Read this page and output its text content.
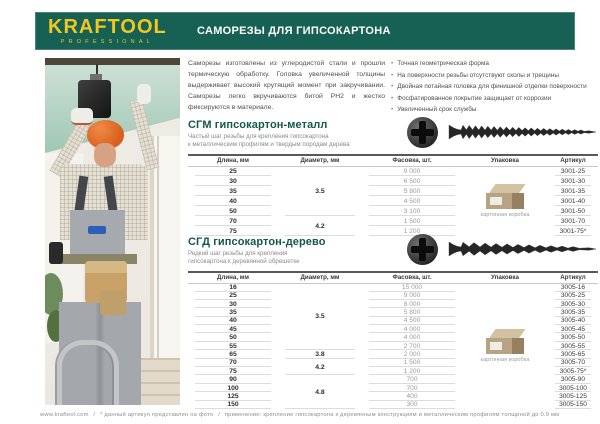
KRAFTOOL
PROFESSIONAL
САМОРЕЗЫ ДЛЯ ГИПСОКАРТОНА

Саморезы изготовлены из углеродистой стали и прошли термическую обработку. Головка увеличенной толщины выдерживает высокий крутящий момент при закручивании. Саморезы легко вкручиваются битой PH2 и жестко фиксируются в материале.

• Точная геометрическая форма
• На поверхности резьбы отсутствуют сколы и трещины
• Двойная потайная головка для финишной отделки поверхности
• Фосфатированное покрытие защищает от коррозии
• Увеличенный срок службы
СГМ гипсокартон-металл
Частый шаг резьбы для крепления гипсокартона
к металлическим профилям и твердым породам дерева
Длина, мм	Диаметр, мм	Фасовка, шт.	Упаковка	Артикул
25	3.5	9 000	картонная коробка	3001-25
30		6 500		3001-30
35		5 800		3001-35
40		4 500		3001-40
50		3 100		3001-50
70	4.2	1 500		3001-70
75		1 200		3001-75*
СГД гипсокартон-дерево
Редкий шаг резьбы для крепления
гипсокартона к деревянной обрешетке
Длина, мм	Диаметр, мм	Фасовка, шт.	Упаковка	Артикул
16	3.5	15 000	картонная коробка	3005-16
25		9 000		3005-25
30		8 000		3005-30
35		5 800		3005-35
40		4 500		3005-40
45		4 000		3005-45
50		4 000		3005-50
55		2 700		3005-55
65	3.8	2 000		3005-65
70	4.2	1 500		3005-70
75		1 200		3005-75*
90	4.8	700		3005-90
100		700		3005-100
125		400		3005-125
150		300		3005-150
www.kraftool.com / * данный артикул представлен на фото / применение: крепление гипсокартона к деревянным конструкциям и металлическим профилям толщиной до 0.9 мм
